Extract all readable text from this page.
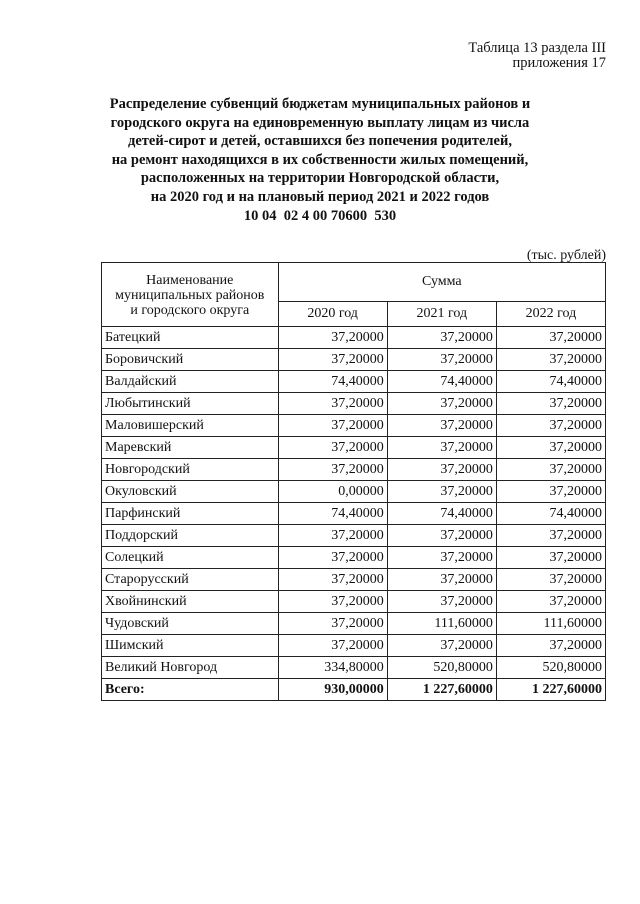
Таблица 13 раздела III
приложения 17
Распределение субвенций бюджетам муниципальных районов и
городского округа на единовременную выплату лицам из числа
детей-сирот и детей, оставшихся без попечения родителей,
на ремонт находящихся в их собственности жилых помещений,
расположенных на территории Новгородской области,
на 2020 год и на плановый период 2021 и 2022 годов
10 04  02 4 00 70600  530
(тыс. рублей)
Наименование
муниципальных районов
и городского округа	Сумма		
	2020 год	2021 год	2022 год
Батецкий	37,20000	37,20000	37,20000
Боровичский	37,20000	37,20000	37,20000
Валдайский	74,40000	74,40000	74,40000
Любытинский	37,20000	37,20000	37,20000
Маловишерский	37,20000	37,20000	37,20000
Маревский	37,20000	37,20000	37,20000
Новгородский	37,20000	37,20000	37,20000
Окуловский	0,00000	37,20000	37,20000
Парфинский	74,40000	74,40000	74,40000
Поддорский	37,20000	37,20000	37,20000
Солецкий	37,20000	37,20000	37,20000
Старорусский	37,20000	37,20000	37,20000
Хвойнинский	37,20000	37,20000	37,20000
Чудовский	37,20000	111,60000	111,60000
Шимский	37,20000	37,20000	37,20000
Великий Новгород	334,80000	520,80000	520,80000
Всего:	930,00000	1 227,60000	1 227,60000
